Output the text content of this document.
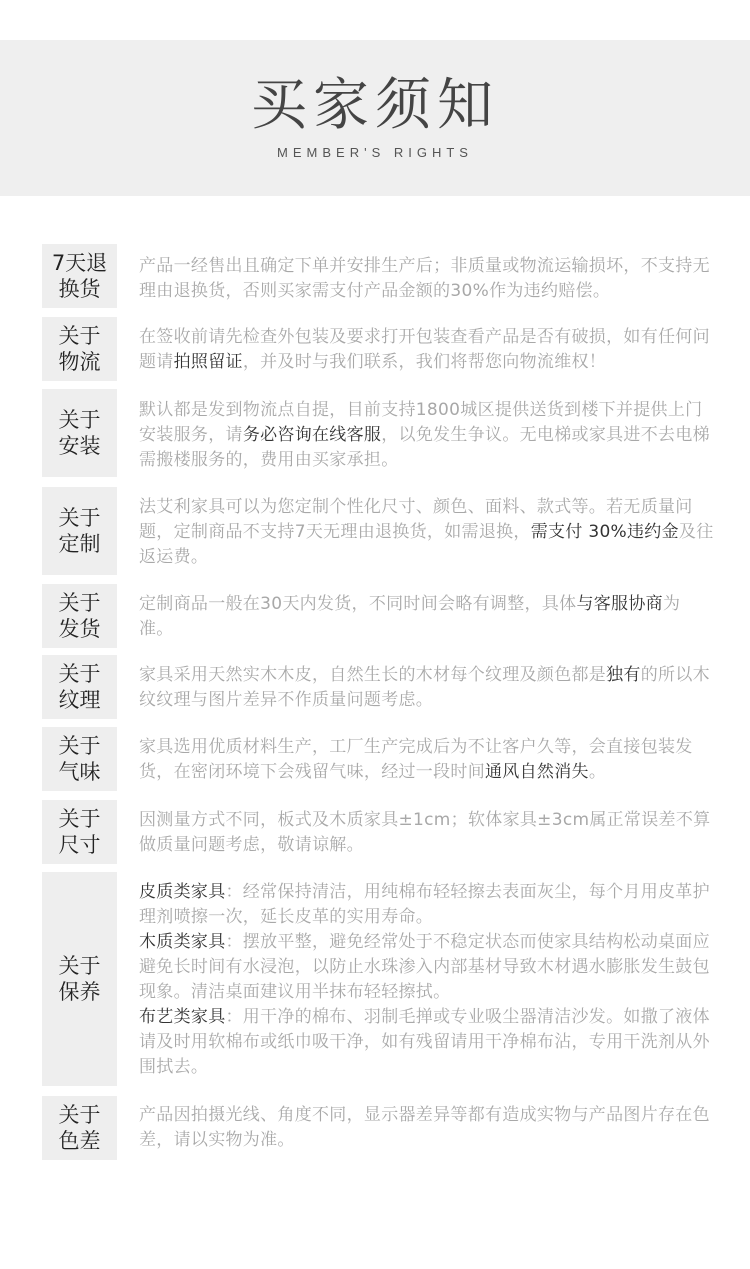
买家须知
MEMBER'S RIGHTS
7天退
换货
产品一经售出且确定下单并安排生产后；非质量或物流运输损坏，不支持无理由退换货，否则买家需支付产品金额的30%作为违约赔偿。
关于
物流
在签收前请先检查外包装及要求打开包装查看产品是否有破损，如有任何问题请拍照留证，并及时与我们联系，我们将帮您向物流维权！
关于
安装
默认都是发到物流点自提，目前支持1800城区提供送货到楼下并提供上门安装服务，请务必咨询在线客服，以免发生争议。无电梯或家具进不去电梯需搬楼服务的，费用由买家承担。
关于
定制
法艾利家具可以为您定制个性化尺寸、颜色、面料、款式等。若无质量问题，定制商品不支持7天无理由退换货，如需退换，需支付 30%违约金及往返运费。
关于
发货
定制商品一般在30天内发货，不同时间会略有调整，具体与客服协商为准。
关于
纹理
家具采用天然实木木皮，自然生长的木材每个纹理及颜色都是独有的所以木纹纹理与图片差异不作质量问题考虑。
关于
气味
家具选用优质材料生产，工厂生产完成后为不让客户久等，会直接包装发货，在密闭环境下会残留气味，经过一段时间通风自然消失。
关于
尺寸
因测量方式不同，板式及木质家具±1cm；软体家具±3cm属正常误差不算做质量问题考虑，敬请谅解。
关于
保养
皮质类家具：经常保持清洁，用纯棉布轻轻擦去表面灰尘，每个月用皮革护理剂喷擦一次，延长皮革的实用寿命。
木质类家具：摆放平整，避免经常处于不稳定状态而使家具结构松动桌面应避免长时间有水浸泡，以防止水珠渗入内部基材导致木材遇水膨胀发生鼓包现象。清洁桌面建议用半抹布轻轻擦拭。
布艺类家具：用干净的棉布、羽制毛掸或专业吸尘器清洁沙发。如撒了液体请及时用软棉布或纸巾吸干净，如有残留请用干净棉布沾，专用干洗剂从外围拭去。
关于
色差
产品因拍摄光线、角度不同，显示器差异等都有造成实物与产品图片存在色差，请以实物为准。
